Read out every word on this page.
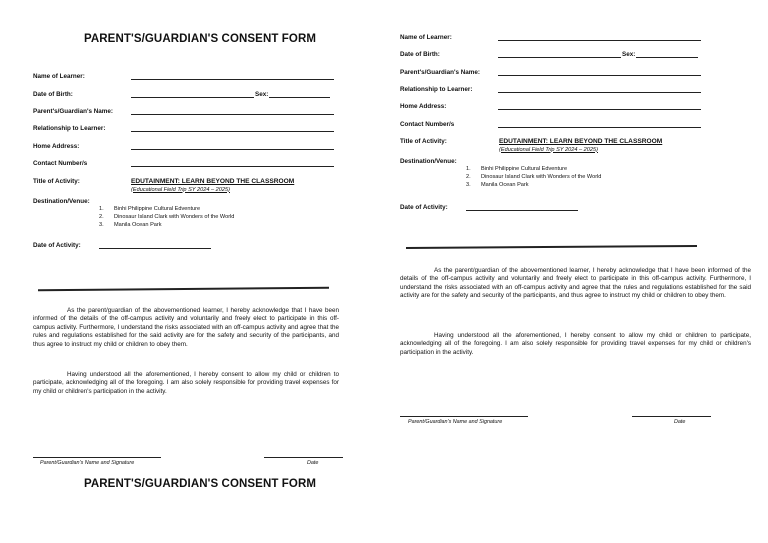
PARENT'S/GUARDIAN'S CONSENT FORM
Name of Learner:
Date of Birth:	Sex:
Parent's/Guardian's Name:
Relationship to Learner:
Home Address:
Contact Number/s
Title of Activity:	EDUTAINMENT: LEARN BEYOND THE CLASSROOM
(Educational Field Trip SY 2024 – 2025)
Destination/Venue:
1. Binhi Philippine Cultural Edventure
2. Dinosaur Island Clark with Wonders of the World
3. Manila Ocean Park
Date of Activity:

As the parent/guardian of the abovementioned learner, I hereby acknowledge that I have been informed of the details of the off-campus activity and voluntarily and freely elect to participate in this off-campus activity. Furthermore, I understand the risks associated with an off-campus activity and agree that the rules and regulations established for the said activity are for the safety and security of the participants, and thus agree to instruct my child or children to obey them.

Having understood all the aforementioned, I hereby consent to allow my child or children to participate, acknowledging all of the foregoing. I am also solely responsible for providing travel expenses for my child or children's participation in the activity.

Parent/Guardian's Name and Signature	Date
PARENT'S/GUARDIAN'S CONSENT FORM
Name of Learner:
Date of Birth:	Sex:
Parent's/Guardian's Name:
Relationship to Learner:
Home Address:
Contact Number/s
Title of Activity:	EDUTAINMENT: LEARN BEYOND THE CLASSROOM
(Educational Field Trip SY 2024 – 2025)
Destination/Venue:
1. Binhi Philippine Cultural Edventure
2. Dinosaur Island Clark with Wonders of the World
3. Manila Ocean Park
Date of Activity:

As the parent/guardian of the abovementioned learner, I hereby acknowledge that I have been informed of the details of the off-campus activity and voluntarily and freely elect to participate in this off-campus activity. Furthermore, I understand the risks associated with an off-campus activity and agree that the rules and regulations established for the said activity are for the safety and security of the participants, and thus agree to instruct my child or children to obey them.

Having understood all the aforementioned, I hereby consent to allow my child or children to participate, acknowledging all of the foregoing. I am also solely responsible for providing travel expenses for my child or children's participation in the activity.

Parent/Guardian's Name and Signature	Date
